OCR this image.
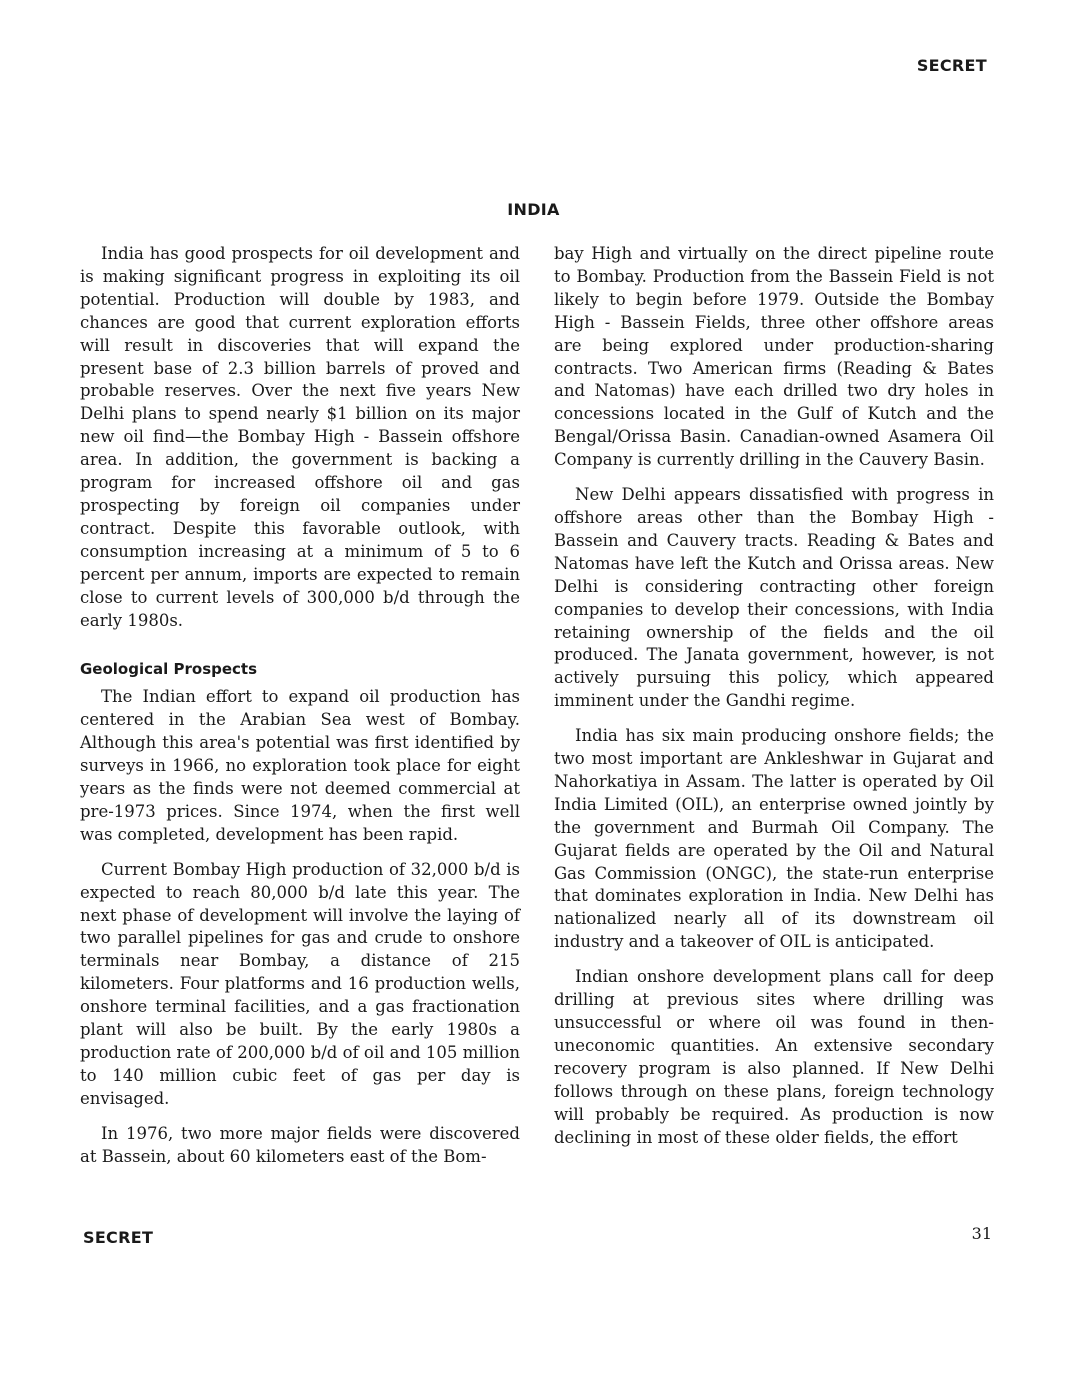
SECRET
INDIA

India has good prospects for oil development and is making significant progress in exploiting its oil potential. Production will double by 1983, and chances are good that current exploration efforts will result in discoveries that will expand the present base of 2.3 billion barrels of proved and probable reserves. Over the next five years New Delhi plans to spend nearly $1 billion on its major new oil find—the Bombay High - Bassein offshore area. In addition, the government is backing a program for increased offshore oil and gas prospecting by foreign oil companies under contract. Despite this favorable outlook, with consumption increasing at a minimum of 5 to 6 percent per annum, imports are expected to remain close to current levels of 300,000 b/d through the early 1980s.

Geological Prospects

The Indian effort to expand oil production has centered in the Arabian Sea west of Bombay. Although this area's potential was first identified by surveys in 1966, no exploration took place for eight years as the finds were not deemed commercial at pre-1973 prices. Since 1974, when the first well was completed, development has been rapid.

Current Bombay High production of 32,000 b/d is expected to reach 80,000 b/d late this year. The next phase of development will involve the laying of two parallel pipelines for gas and crude to onshore terminals near Bombay, a distance of 215 kilometers. Four platforms and 16 production wells, onshore terminal facilities, and a gas fractionation plant will also be built. By the early 1980s a production rate of 200,000 b/d of oil and 105 million to 140 million cubic feet of gas per day is envisaged.

In 1976, two more major fields were discovered at Bassein, about 60 kilometers east of the Bom-

bay High and virtually on the direct pipeline route to Bombay. Production from the Bassein Field is not likely to begin before 1979. Outside the Bombay High - Bassein Fields, three other offshore areas are being explored under production-sharing contracts. Two American firms (Reading & Bates and Natomas) have each drilled two dry holes in concessions located in the Gulf of Kutch and the Bengal/Orissa Basin. Canadian-owned Asamera Oil Company is currently drilling in the Cauvery Basin.

New Delhi appears dissatisfied with progress in offshore areas other than the Bombay High - Bassein and Cauvery tracts. Reading & Bates and Natomas have left the Kutch and Orissa areas. New Delhi is considering contracting other foreign companies to develop their concessions, with India retaining ownership of the fields and the oil produced. The Janata government, however, is not actively pursuing this policy, which appeared imminent under the Gandhi regime.

India has six main producing onshore fields; the two most important are Ankleshwar in Gujarat and Nahorkatiya in Assam. The latter is operated by Oil India Limited (OIL), an enterprise owned jointly by the government and Burmah Oil Company. The Gujarat fields are operated by the Oil and Natural Gas Commission (ONGC), the state-run enterprise that dominates exploration in India. New Delhi has nationalized nearly all of its downstream oil industry and a takeover of OIL is anticipated.

Indian onshore development plans call for deep drilling at previous sites where drilling was unsuccessful or where oil was found in then-uneconomic quantities. An extensive secondary recovery program is also planned. If New Delhi follows through on these plans, foreign technology will probably be required. As production is now declining in most of these older fields, the effort

SECRET	31
